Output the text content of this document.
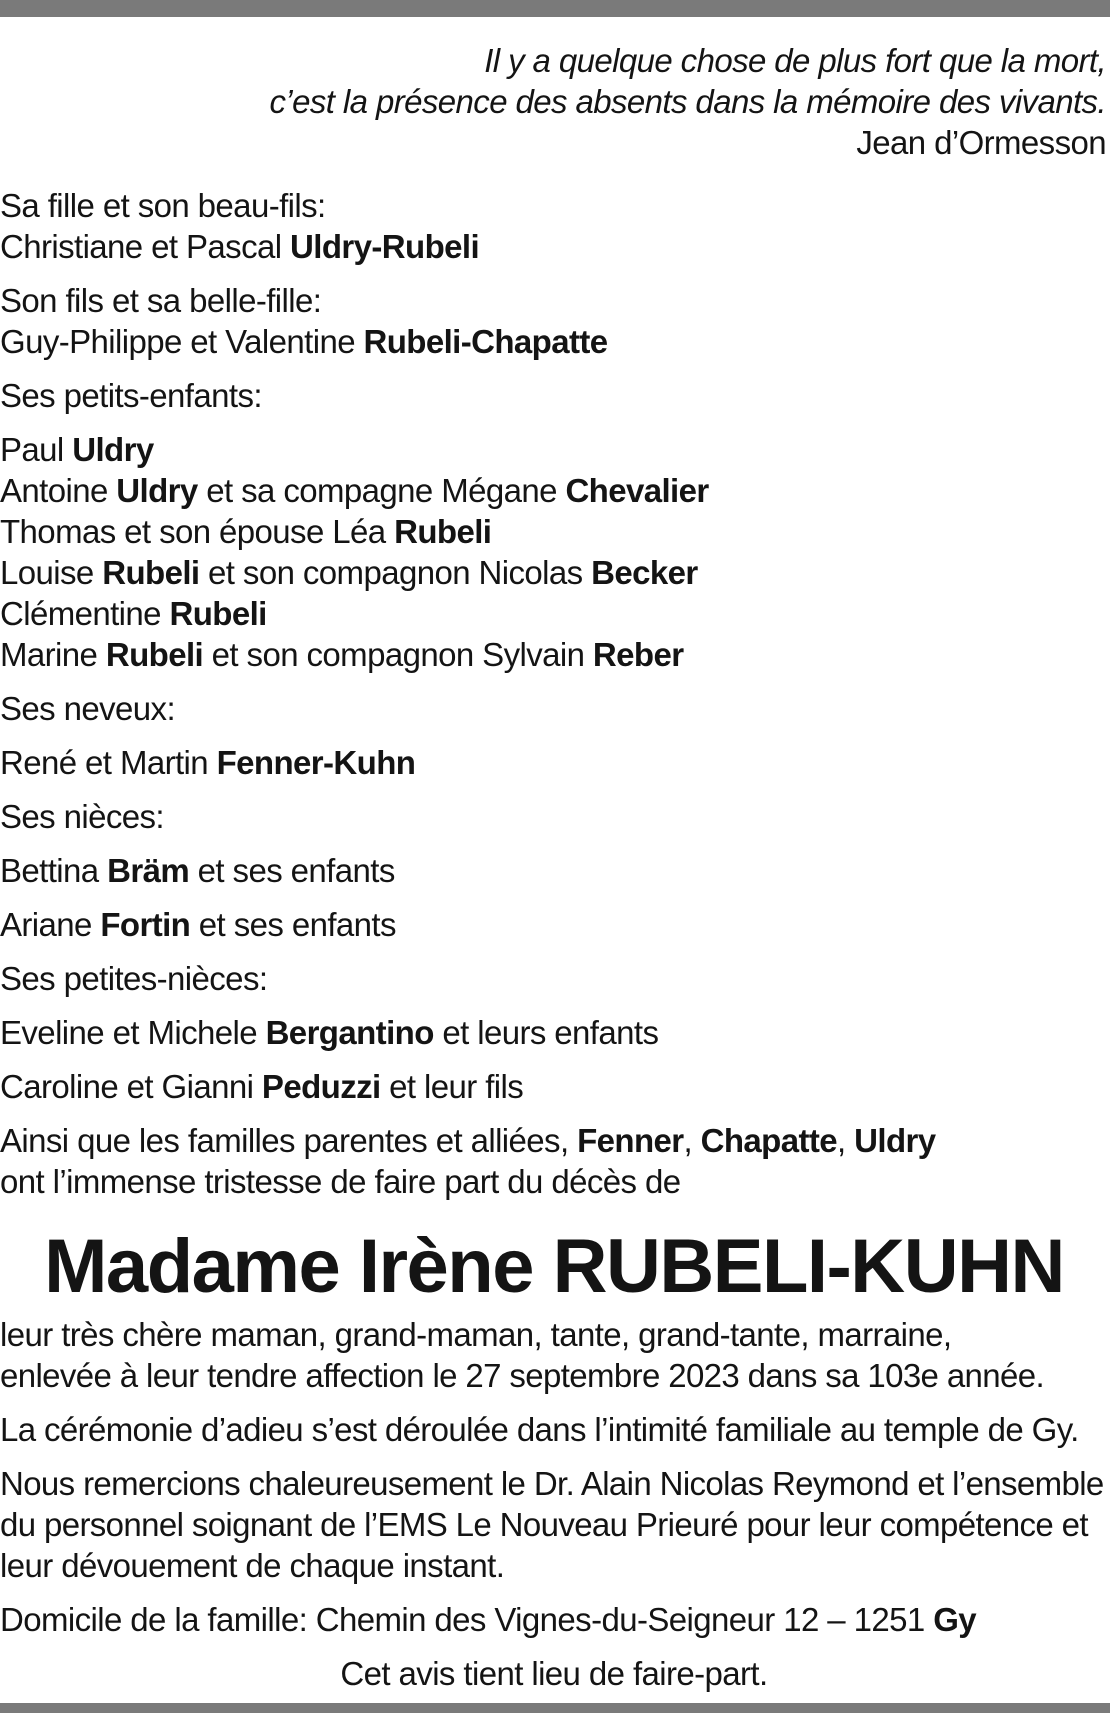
Il y a quelque chose de plus fort que la mort,
c’est la présence des absents dans la mémoire des vivants.
Jean d’Ormesson
Sa fille et son beau-fils:
Christiane et Pascal Uldry-Rubeli
Son fils et sa belle-fille:
Guy-Philippe et Valentine Rubeli-Chapatte
Ses petits-enfants:
Paul Uldry
Antoine Uldry et sa compagne Mégane Chevalier
Thomas et son épouse Léa Rubeli
Louise Rubeli et son compagnon Nicolas Becker
Clémentine Rubeli
Marine Rubeli et son compagnon Sylvain Reber
Ses neveux:
René et Martin Fenner-Kuhn
Ses nièces:
Bettina Bräm et ses enfants
Ariane Fortin et ses enfants
Ses petites-nièces:
Eveline et Michele Bergantino et leurs enfants
Caroline et Gianni Peduzzi et leur fils
Ainsi que les familles parentes et alliées, Fenner, Chapatte, Uldry
ont l’immense tristesse de faire part du décès de
Madame Irène RUBELI-KUHN
leur très chère maman, grand-maman, tante, grand-tante, marraine,
enlevée à leur tendre affection le 27 septembre 2023 dans sa 103e année.
La cérémonie d’adieu s’est déroulée dans l’intimité familiale au temple de Gy.
Nous remercions chaleureusement le Dr. Alain Nicolas Reymond et l’ensemble
du personnel soignant de l’EMS Le Nouveau Prieuré pour leur compétence et
leur dévouement de chaque instant.
Domicile de la famille: Chemin des Vignes-du-Seigneur 12 – 1251 Gy
Cet avis tient lieu de faire-part.
